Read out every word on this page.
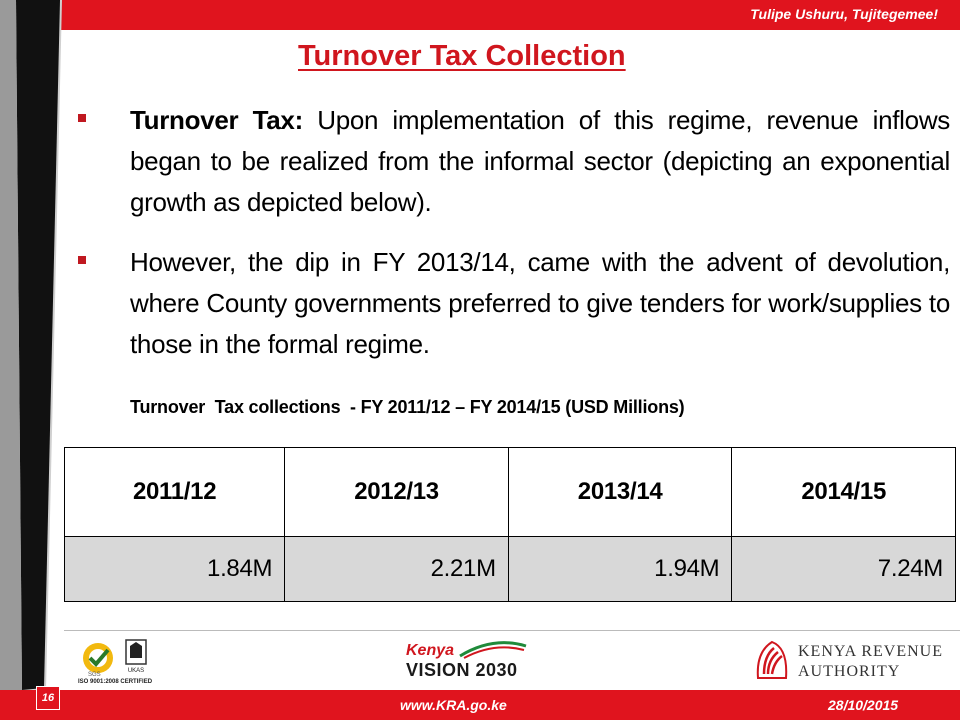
Tulipe Ushuru, Tujitegemee!
Turnover Tax Collection
Turnover Tax: Upon implementation of this regime, revenue inflows began to be realized from the informal sector (depicting an exponential growth as depicted below).
However, the dip in FY 2013/14, came with the advent of devolution, where County governments preferred to give tenders for work/supplies to those in the formal regime.
Turnover  Tax collections  - FY 2011/12 – FY 2014/15 (USD Millions)
2011/12	2012/13	2013/14	2014/15
1.84M	2.21M	1.94M	7.24M
UKAS
ISO 9001:2008 CERTIFIED
SGS
Kenya
VISION 2030
KENYA REVENUE
AUTHORITY
16	www.KRA.go.ke	28/10/2015
